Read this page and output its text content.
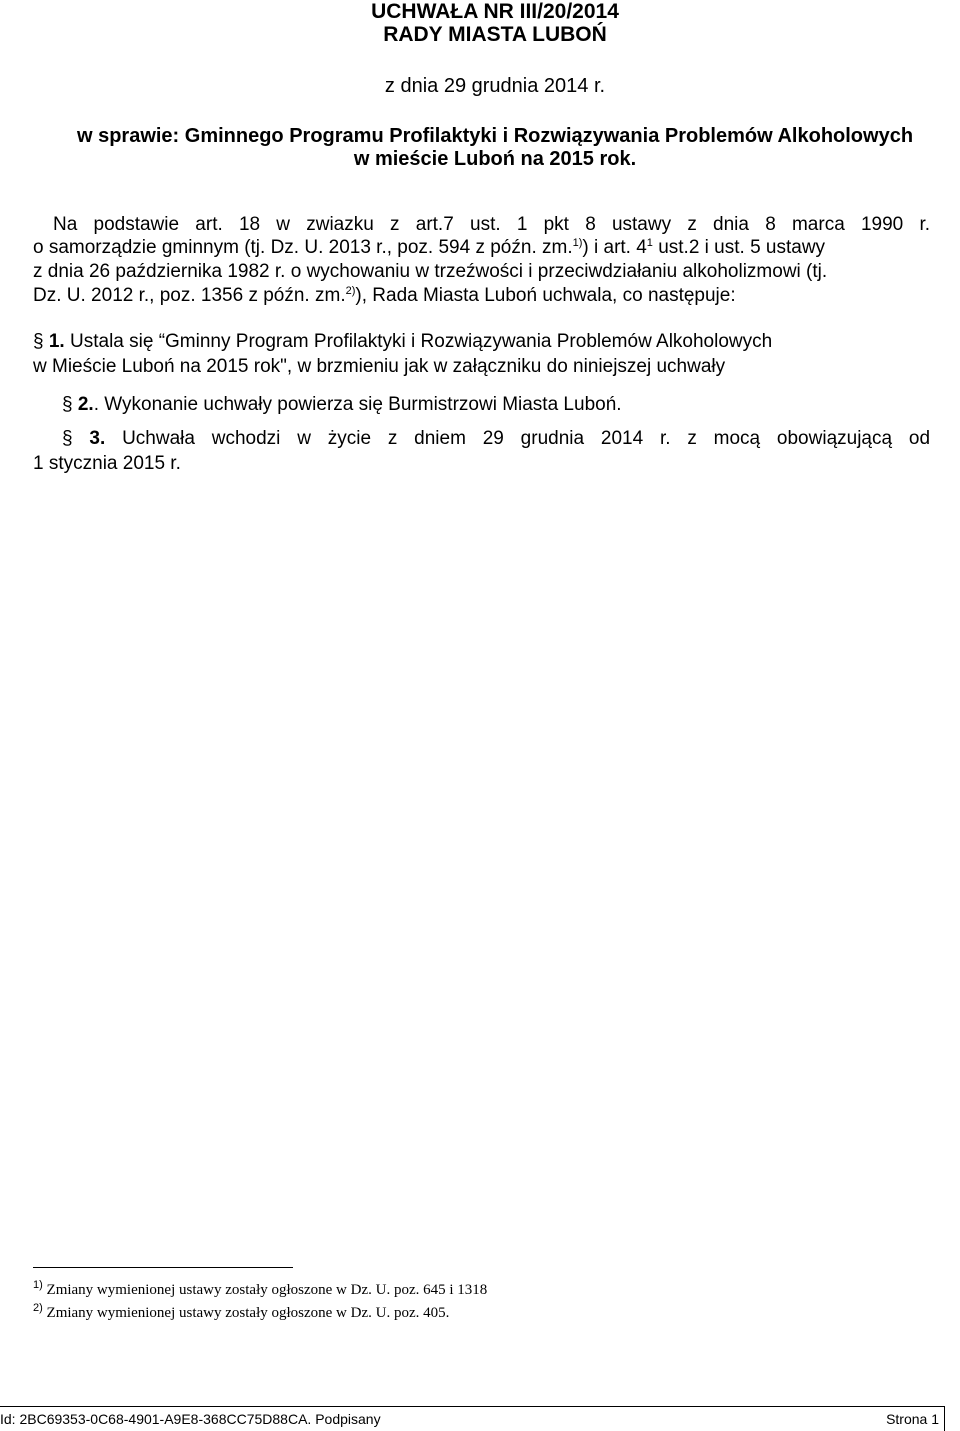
UCHWAŁA NR III/20/2014
RADY MIASTA LUBOŃ
z dnia 29 grudnia 2014 r.
w sprawie: Gminnego Programu Profilaktyki i Rozwiązywania Problemów Alkoholowych
w mieście Luboń na 2015 rok.
Na podstawie art. 18 w zwiazku z art.7 ust. 1 pkt 8 ustawy z dnia 8 marca 1990 r.
o samorządzie gminnym (tj. Dz. U. 2013 r., poz. 594 z późn. zm.$^{1)}$) i art. $4^1$ ust.2 i ust. 5 ustawy
z dnia 26 października 1982 r. o wychowaniu w trzeźwości i przeciwdziałaniu alkoholizmowi (tj.
Dz. U. 2012 r., poz. 1356 z późn. zm.$^{2)}$), Rada Miasta Luboń uchwala, co następuje:
§ 1. Ustala się “Gminny Program Profilaktyki i Rozwiązywania Problemów Alkoholowych
w Mieście Luboń na 2015 rok", w brzmieniu jak w załączniku do niniejszej uchwały
§ 2.. Wykonanie uchwały powierza się Burmistrzowi Miasta Luboń.
§ 3. Uchwała wchodzi w życie z dniem 29 grudnia 2014 r. z mocą obowiązującą od
1 stycznia 2015 r.
$^{1)}$ Zmiany wymienionej ustawy zostały ogłoszone w Dz. U. poz. 645 i 1318
$^{2)}$ Zmiany wymienionej ustawy zostały ogłoszone w Dz. U. poz. 405.
Id: 2BC69353-0C68-4901-A9E8-368CC75D88CA. Podpisany	Strona 1
